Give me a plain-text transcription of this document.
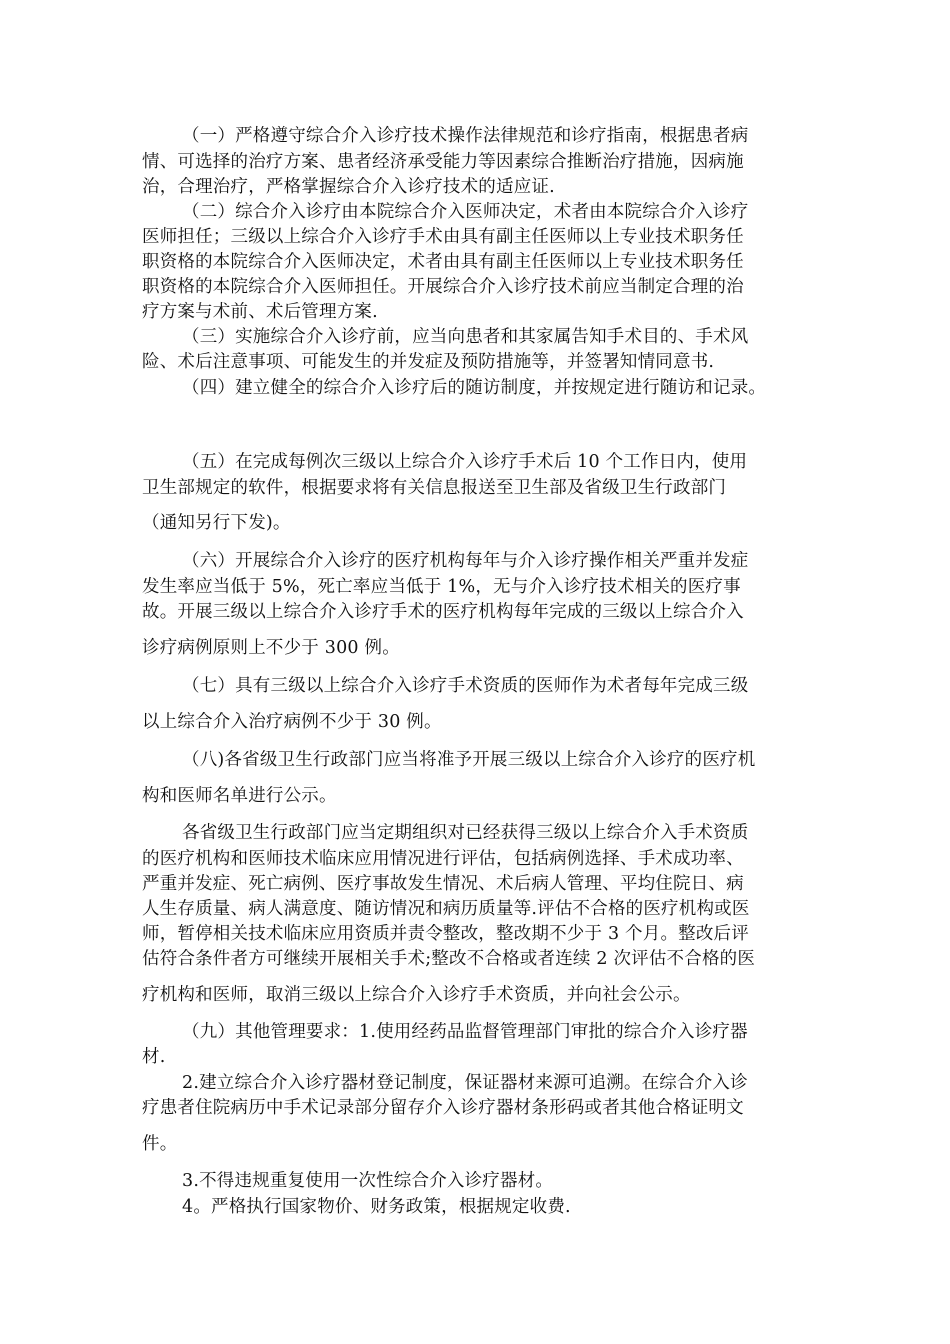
（一）严格遵守综合介入诊疗技术操作法律规范和诊疗指南，根据患者病
情、可选择的治疗方案、患者经济承受能力等因素综合推断治疗措施，因病施
治，合理治疗，严格掌握综合介入诊疗技术的适应证.
（二）综合介入诊疗由本院综合介入医师决定，术者由本院综合介入诊疗
医师担任；三级以上综合介入诊疗手术由具有副主任医师以上专业技术职务任
职资格的本院综合介入医师决定，术者由具有副主任医师以上专业技术职务任
职资格的本院综合介入医师担任。开展综合介入诊疗技术前应当制定合理的治
疗方案与术前、术后管理方案.
（三）实施综合介入诊疗前，应当向患者和其家属告知手术目的、手术风
险、术后注意事项、可能发生的并发症及预防措施等，并签署知情同意书.
（四）建立健全的综合介入诊疗后的随访制度，并按规定进行随访和记录。
（五）在完成每例次三级以上综合介入诊疗手术后 10 个工作日内，使用
卫生部规定的软件，根据要求将有关信息报送至卫生部及省级卫生行政部门
（通知另行下发)。
（六）开展综合介入诊疗的医疗机构每年与介入诊疗操作相关严重并发症
发生率应当低于 5%，死亡率应当低于 1%，无与介入诊疗技术相关的医疗事
故。开展三级以上综合介入诊疗手术的医疗机构每年完成的三级以上综合介入
诊疗病例原则上不少于 300 例。
（七）具有三级以上综合介入诊疗手术资质的医师作为术者每年完成三级
以上综合介入治疗病例不少于 30 例。
（八)各省级卫生行政部门应当将准予开展三级以上综合介入诊疗的医疗机
构和医师名单进行公示。
各省级卫生行政部门应当定期组织对已经获得三级以上综合介入手术资质
的医疗机构和医师技术临床应用情况进行评估，包括病例选择、手术成功率、
严重并发症、死亡病例、医疗事故发生情况、术后病人管理、平均住院日、病
人生存质量、病人满意度、随访情况和病历质量等.评估不合格的医疗机构或医
师，暂停相关技术临床应用资质并责令整改，整改期不少于 3 个月。整改后评
估符合条件者方可继续开展相关手术;整改不合格或者连续 2 次评估不合格的医
疗机构和医师，取消三级以上综合介入诊疗手术资质，并向社会公示。
（九）其他管理要求：1.使用经药品监督管理部门审批的综合介入诊疗器
材.
2.建立综合介入诊疗器材登记制度，保证器材来源可追溯。在综合介入诊
疗患者住院病历中手术记录部分留存介入诊疗器材条形码或者其他合格证明文
件。
3.不得违规重复使用一次性综合介入诊疗器材。
4。严格执行国家物价、财务政策，根据规定收费.
